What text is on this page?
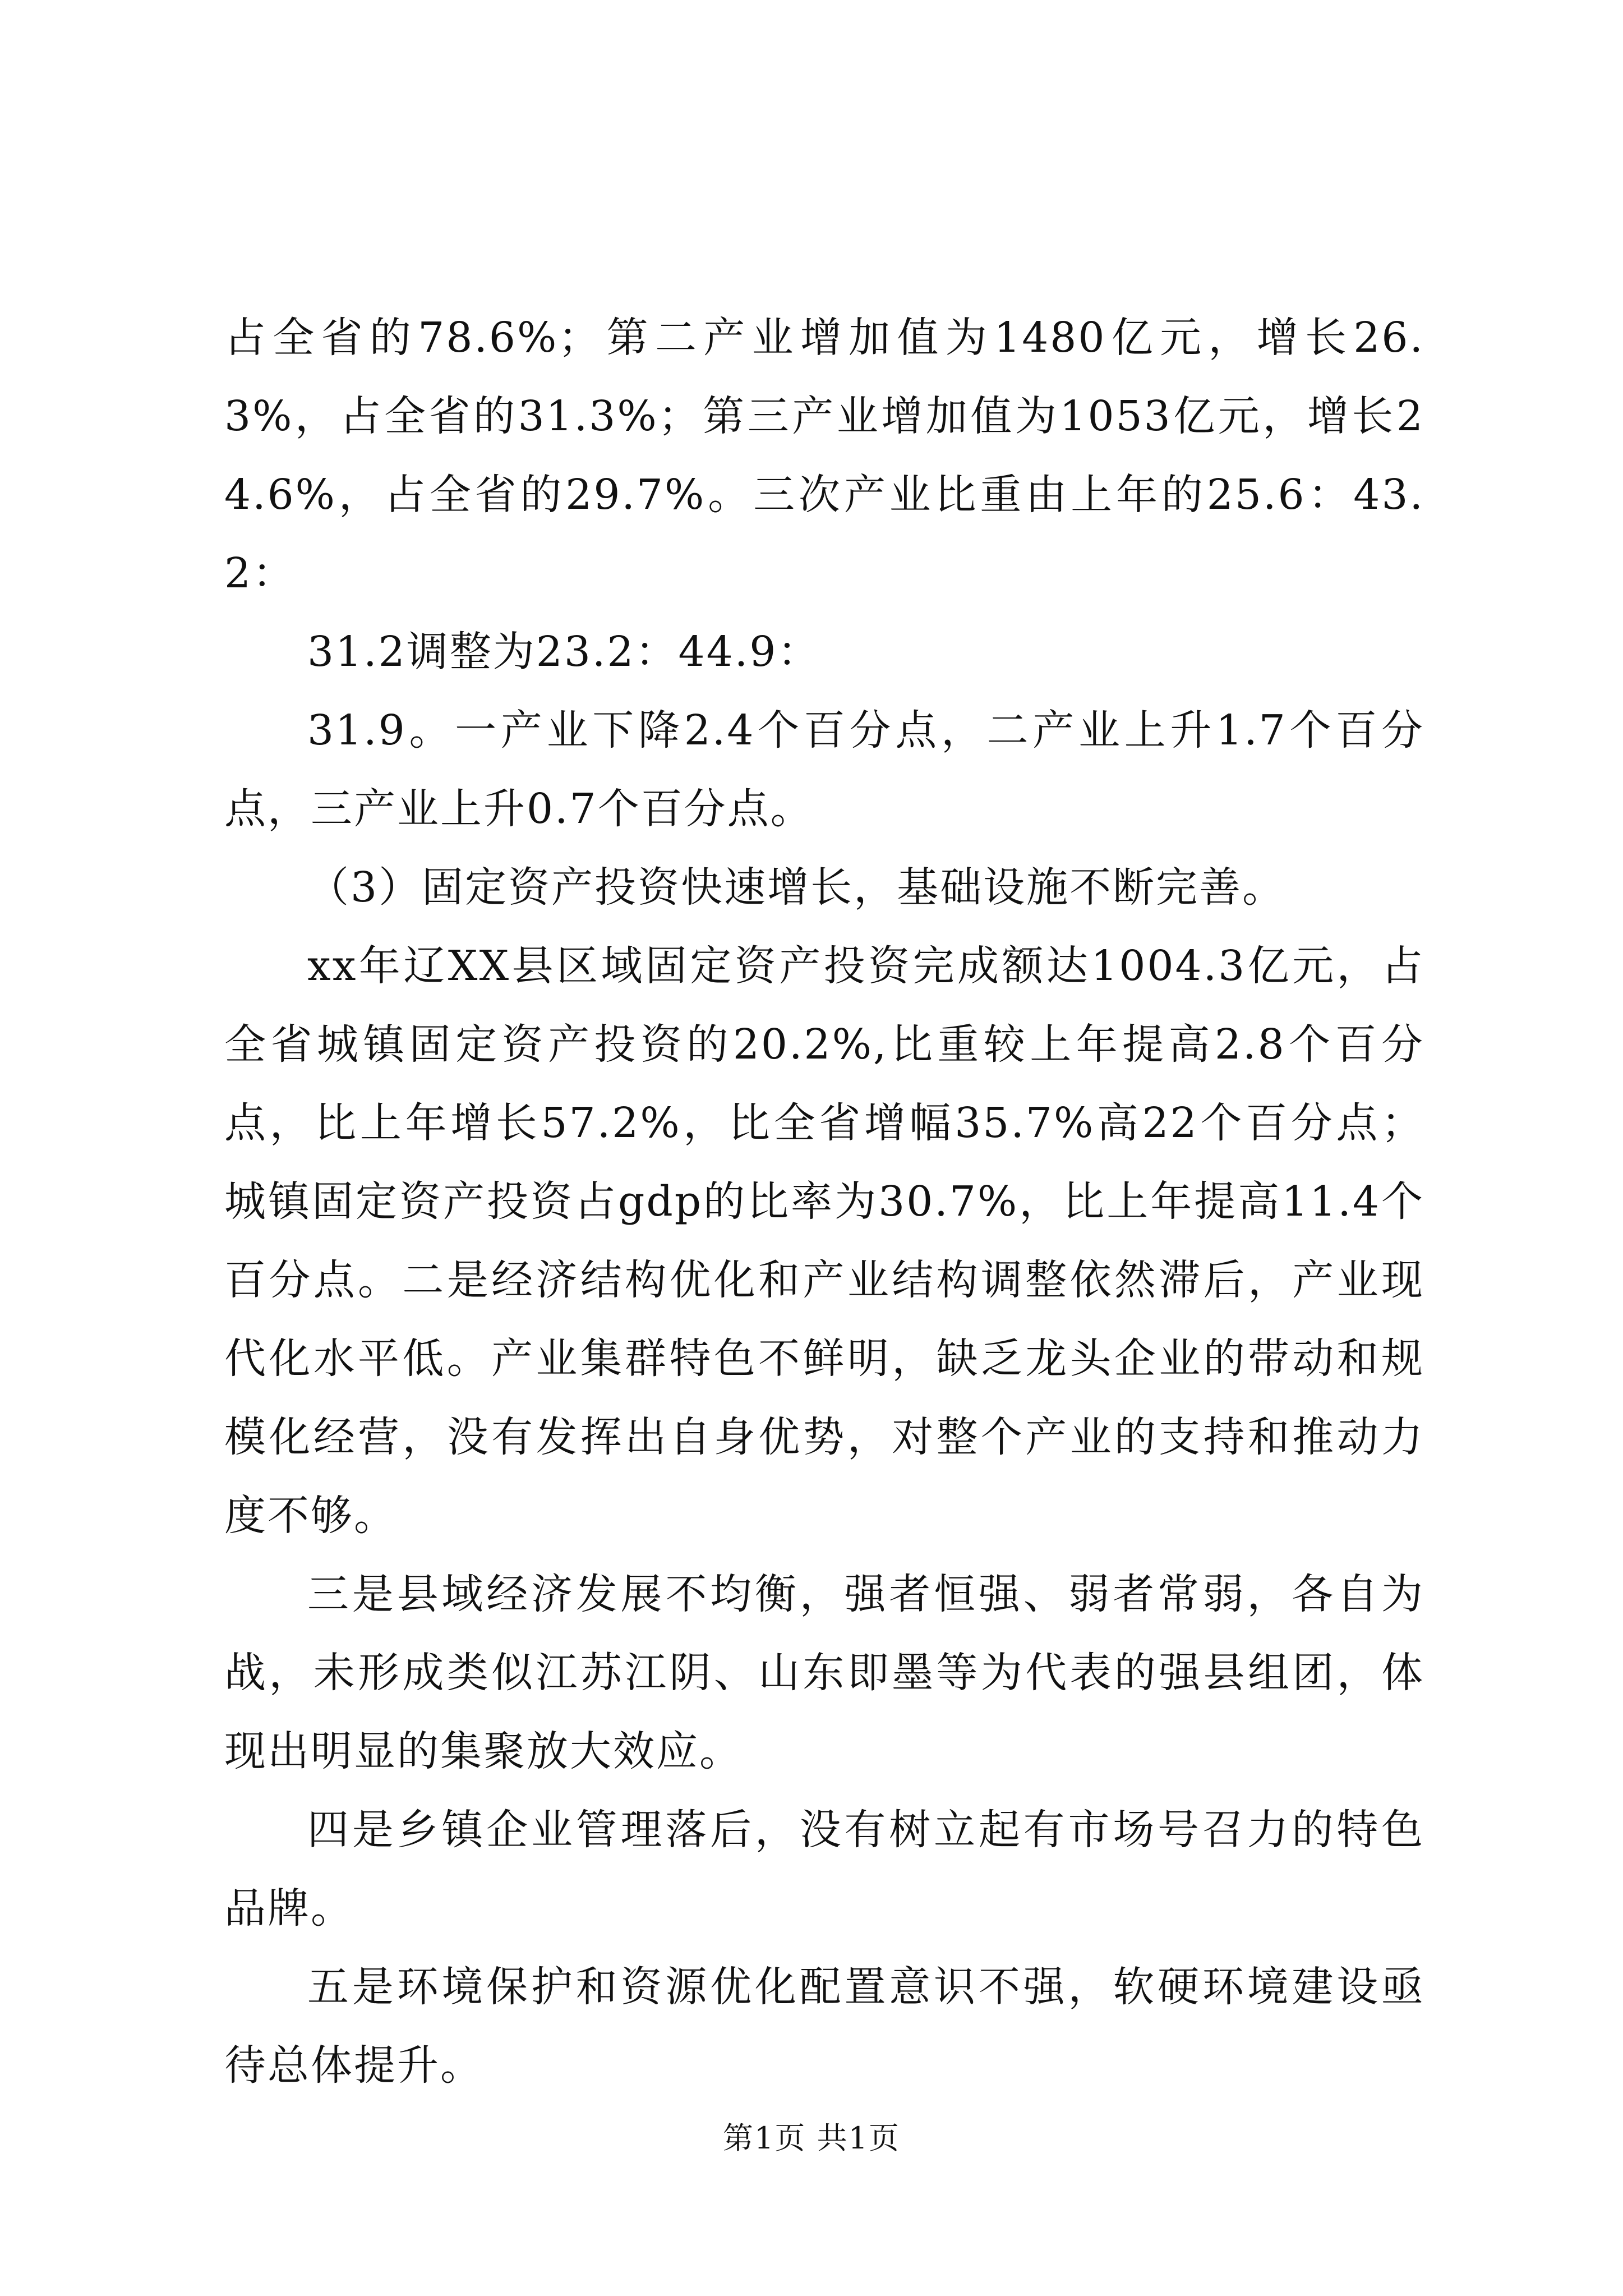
占全省的78.6%；第二产业增加值为1480亿元，增长26.3%，占全省的31.3%；第三产业增加值为1053亿元，增长24.6%，占全省的29.7%。三次产业比重由上年的25.6：43.2：

31.2调整为23.2：44.9：

31.9。一产业下降2.4个百分点，二产业上升1.7个百分点，三产业上升0.7个百分点。

（3）固定资产投资快速增长，基础设施不断完善。

xx年辽XX县区域固定资产投资完成额达1004.3亿元，占全省城镇固定资产投资的20.2%,比重较上年提高2.8个百分点，比上年增长57.2%，比全省增幅35.7%高22个百分点；城镇固定资产投资占gdp的比率为30.7%，比上年提高11.4个百分点。二是经济结构优化和产业结构调整依然滞后，产业现代化水平低。产业集群特色不鲜明，缺乏龙头企业的带动和规模化经营，没有发挥出自身优势，对整个产业的支持和推动力度不够。

三是县域经济发展不均衡，强者恒强、弱者常弱，各自为战，未形成类似江苏江阴、山东即墨等为代表的强县组团，体现出明显的集聚放大效应。

四是乡镇企业管理落后，没有树立起有市场号召力的特色品牌。

五是环境保护和资源优化配置意识不强，软硬环境建设亟待总体提升。

第1页 共1页
